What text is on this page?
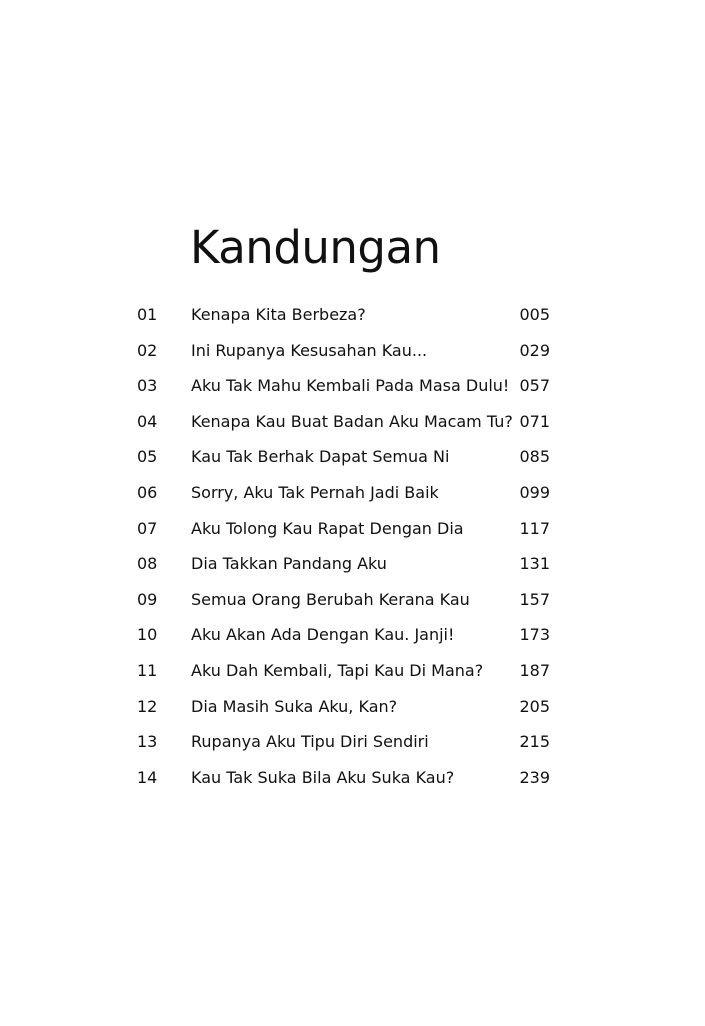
Kandungan
01 Kenapa Kita Berbeza?	005
02 Ini Rupanya Kesusahan Kau...	029
03 Aku Tak Mahu Kembali Pada Masa Dulu! 057
04 Kenapa Kau Buat Badan Aku Macam Tu? 071
05 Kau Tak Berhak Dapat Semua Ni	085
06 Sorry, Aku Tak Pernah Jadi Baik	099
07 Aku Tolong Kau Rapat Dengan Dia	117
08 Dia Takkan Pandang Aku	131
09 Semua Orang Berubah Kerana Kau	157
10 Aku Akan Ada Dengan Kau. Janji!	173
11 Aku Dah Kembali, Tapi Kau Di Mana? 187
12 Dia Masih Suka Aku, Kan?	205
13 Rupanya Aku Tipu Diri Sendiri	215
14 Kau Tak Suka Bila Aku Suka Kau?	239
